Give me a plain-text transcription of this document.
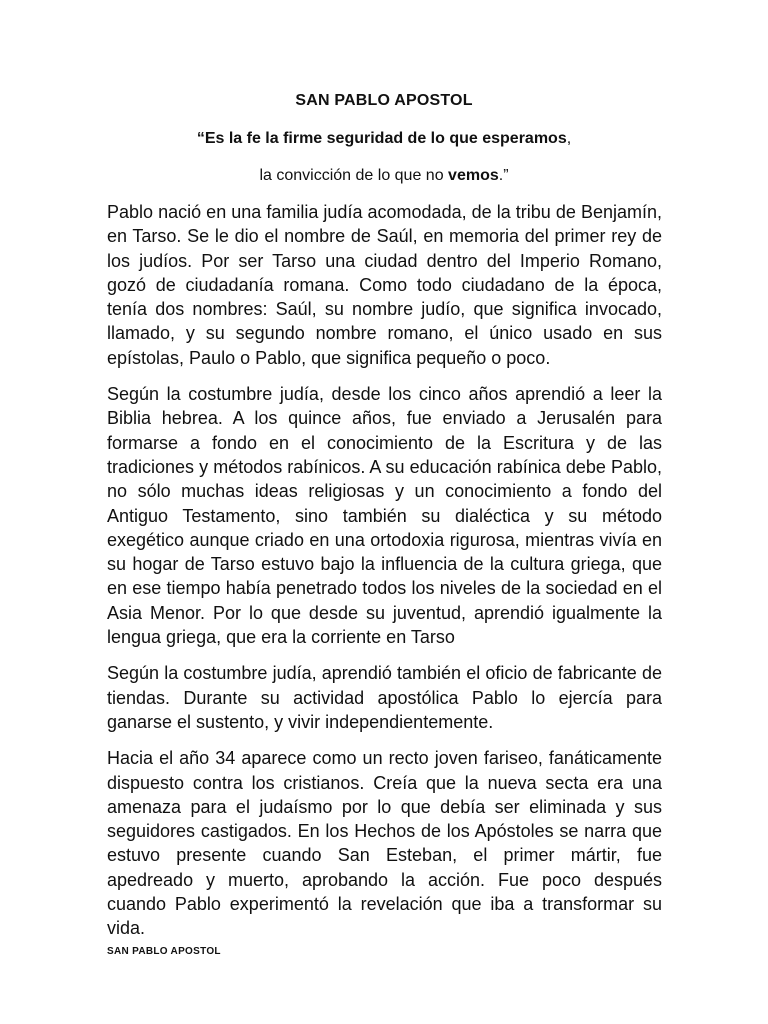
SAN PABLO APOSTOL
“Es la fe la firme seguridad de lo que esperamos,
la convicción de lo que no vemos.”

Pablo nació en una familia judía acomodada, de la tribu de Benjamín, en Tarso. Se le dio el nombre de Saúl, en memoria del primer rey de los judíos. Por ser Tarso una ciudad dentro del Imperio Romano, gozó de ciudadanía romana. Como todo ciudadano de la época, tenía dos nombres: Saúl, su nombre judío, que significa invocado, llamado, y su segundo nombre romano, el único usado en sus epístolas, Paulo o Pablo, que significa pequeño o poco.

Según la costumbre judía, desde los cinco años aprendió a leer la Biblia hebrea. A los quince años, fue enviado a Jerusalén para formarse a fondo en el conocimiento de la Escritura y de las tradiciones y métodos rabínicos. A su educación rabínica debe Pablo, no sólo muchas ideas religiosas y un conocimiento a fondo del Antiguo Testamento, sino también su dialéctica y su método exegético aunque criado en una ortodoxia rigurosa, mientras vivía en su hogar de Tarso estuvo bajo la influencia de la cultura griega, que en ese tiempo había penetrado todos los niveles de la sociedad en el Asia Menor. Por lo que desde su juventud, aprendió igualmente la lengua griega, que era la corriente en Tarso

Según la costumbre judía, aprendió también el oficio de fabricante de tiendas. Durante su actividad apostólica Pablo lo ejercía para ganarse el sustento, y vivir independientemente.

Hacia el año 34 aparece como un recto joven fariseo, fanáticamente dispuesto contra los cristianos. Creía que la nueva secta era una amenaza para el judaísmo por lo que debía ser eliminada y sus seguidores castigados. En los Hechos de los Apóstoles se narra que estuvo presente cuando San Esteban, el primer mártir, fue apedreado y muerto, aprobando la acción. Fue poco después cuando Pablo experimentó la revelación que iba a transformar su vida.

SAN PABLO APOSTOL
